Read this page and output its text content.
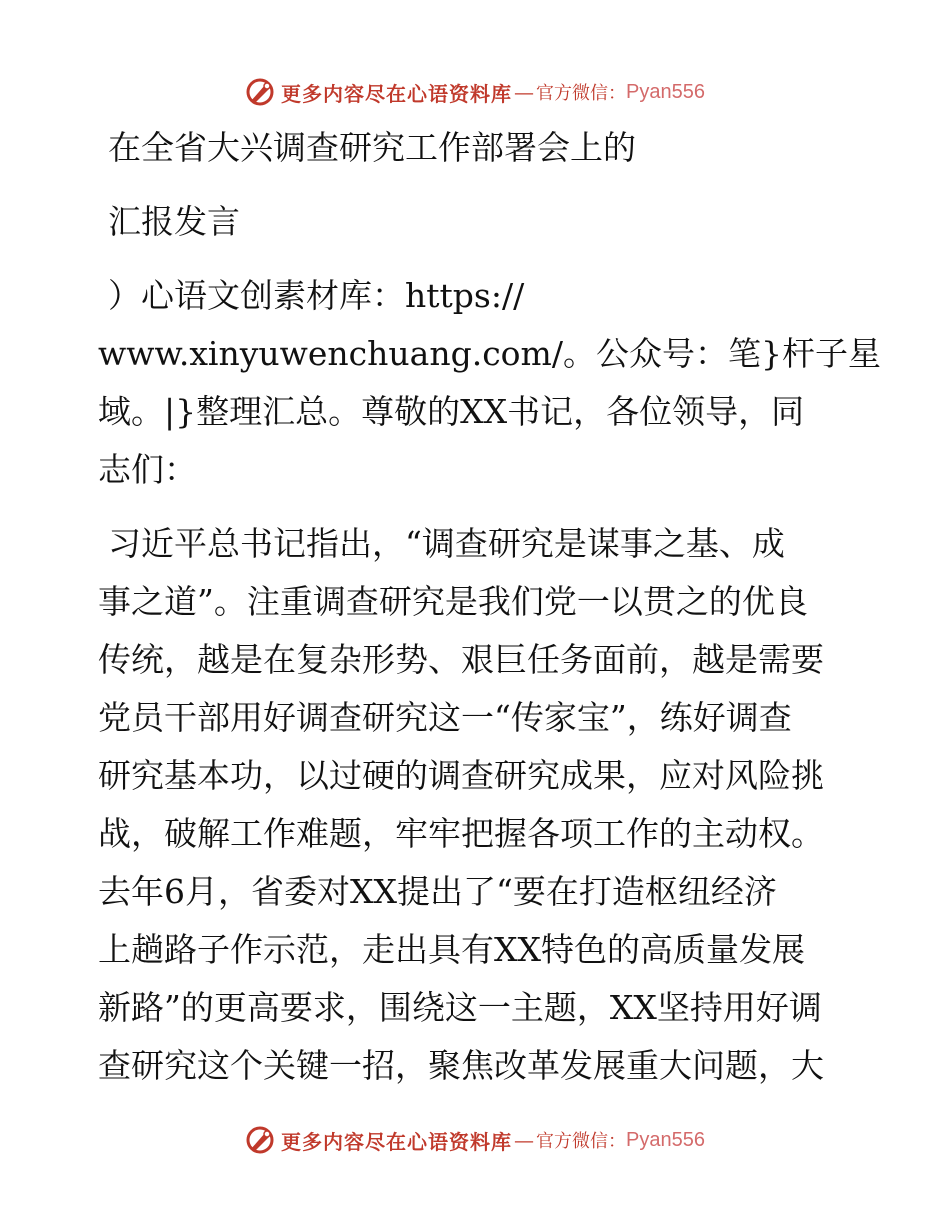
更多内容尽在心语资料库 — 官方微信： Pyan556
在全省大兴调查研究工作部署会上的
汇报发言
）心语文创素材库：https://
www.xinyuwenchuang.com/。公众号：笔}杆子星
域。|}整理汇总。尊敬的XX书记，各位领导，同
志们：
习近平总书记指出，“调查研究是谋事之基、成
事之道”。注重调查研究是我们党一以贯之的优良
传统，越是在复杂形势、艰巨任务面前，越是需要
党员干部用好调查研究这一“传家宝”，练好调查
研究基本功，以过硬的调查研究成果，应对风险挑
战，破解工作难题，牢牢把握各项工作的主动权。
去年6月，省委对XX提出了“要在打造枢纽经济
上趟路子作示范，走出具有XX特色的高质量发展
新路”的更高要求，围绕这一主题，XX坚持用好调
查研究这个关键一招，聚焦改革发展重大问题，大
更多内容尽在心语资料库 — 官方微信： Pyan556
